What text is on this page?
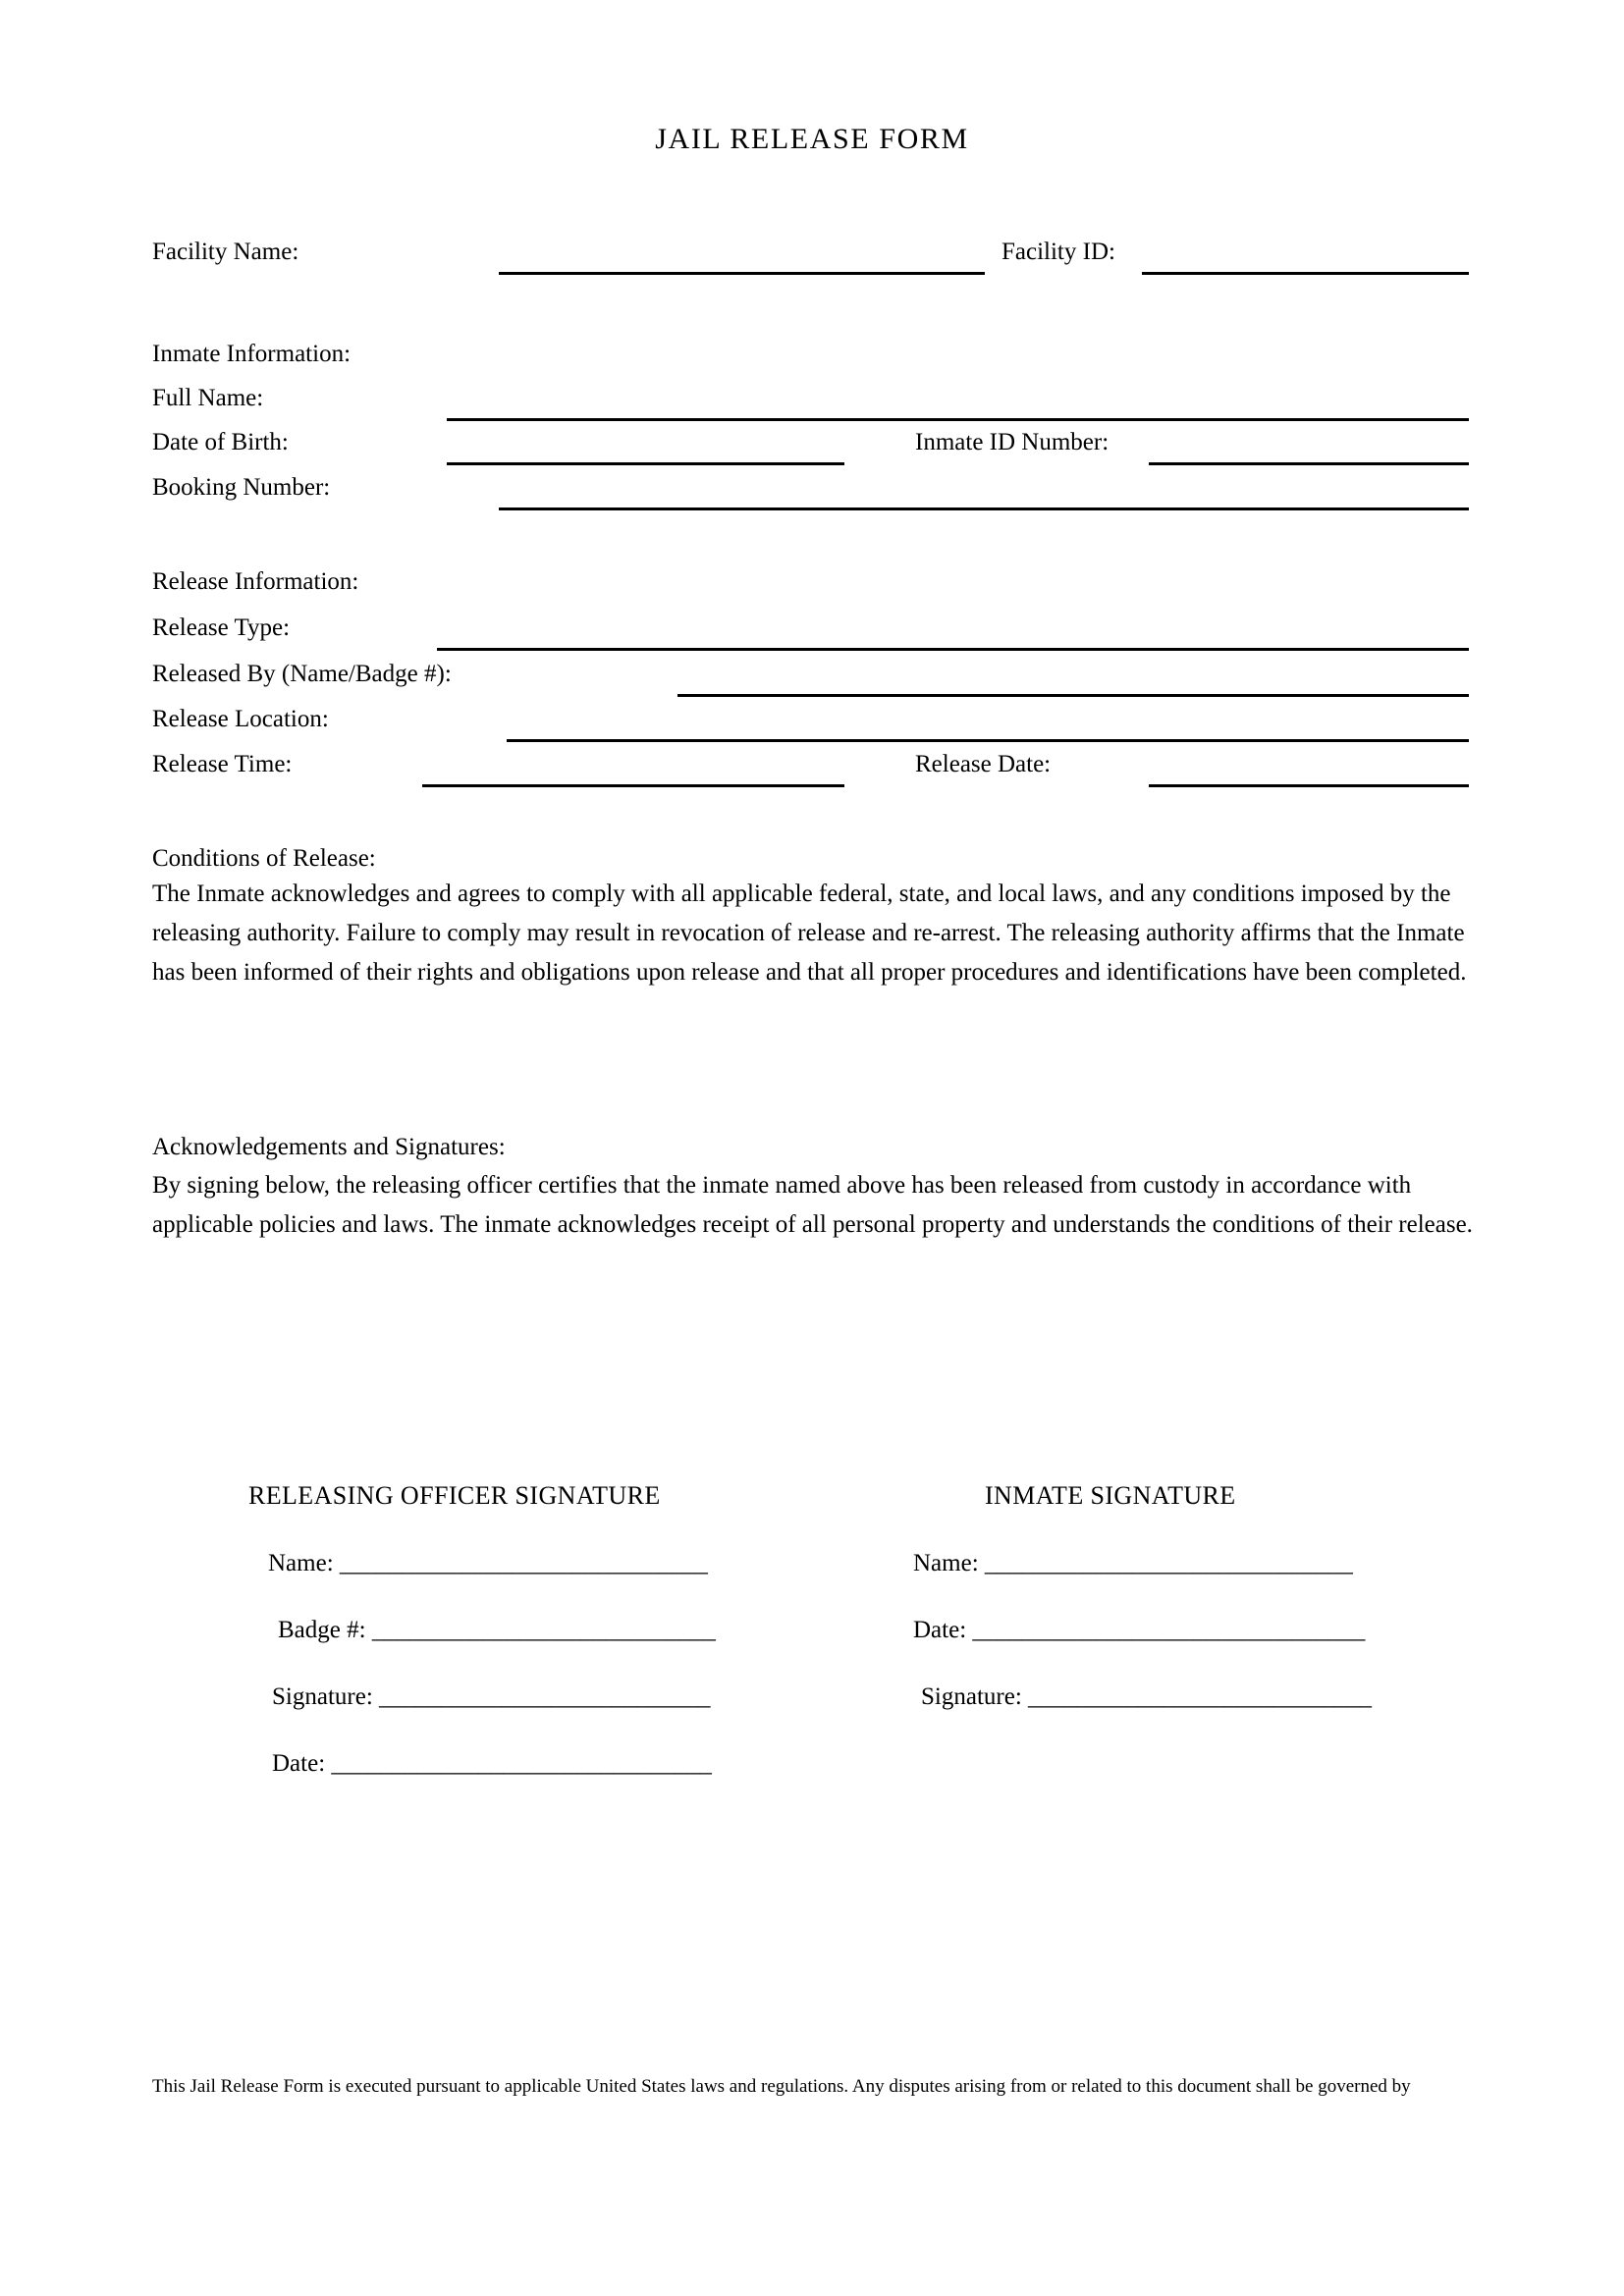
JAIL RELEASE FORM
Facility Name:	Facility ID:
Inmate Information:
Full Name:
Date of Birth:	Inmate ID Number:
Booking Number:
Release Information:
Release Type:
Released By (Name/Badge #):
Release Location:
Release Time:	Release Date:
Conditions of Release:
The Inmate acknowledges and agrees to comply with all applicable federal, state, and local laws, and any conditions imposed by the releasing authority. Failure to comply may result in revocation of release and re-arrest. The releasing authority affirms that the Inmate has been informed of their rights and obligations upon release and that all proper procedures and identifications have been completed.
Acknowledgements and Signatures:
By signing below, the releasing officer certifies that the inmate named above has been released from custody in accordance with applicable policies and laws. The inmate acknowledges receipt of all personal property and understands the conditions of their release.
RELEASING OFFICER SIGNATURE
Name: ______________________________
Badge #: ____________________________
Signature: ___________________________
Date: _______________________________
INMATE SIGNATURE
Name: ______________________________
Date: ________________________________
Signature: ____________________________
This Jail Release Form is executed pursuant to applicable United States laws and regulations. Any disputes arising from or related to this document shall be governed by
